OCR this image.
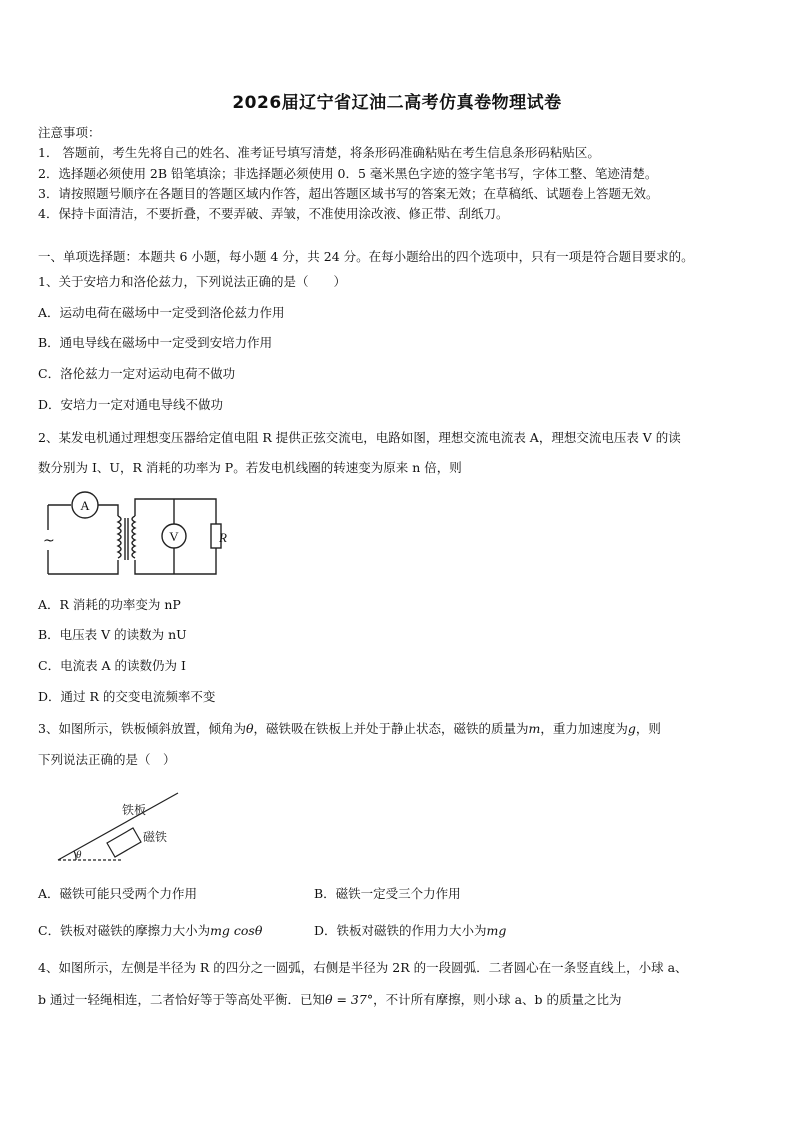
2026届辽宁省辽油二高考仿真卷物理试卷
注意事项：
1． 答题前，考生先将自己的姓名、准考证号填写清楚，将条形码准确粘贴在考生信息条形码粘贴区。
2．选择题必须使用 2B 铅笔填涂；非选择题必须使用 0．5 毫米黑色字迹的签字笔书写，字体工整、笔迹清楚。
3．请按照题号顺序在各题目的答题区域内作答，超出答题区域书写的答案无效；在草稿纸、试题卷上答题无效。
4．保持卡面清洁，不要折叠，不要弄破、弄皱，不准使用涂改液、修正带、刮纸刀。
一、单项选择题：本题共 6 小题，每小题 4 分，共 24 分。在每小题给出的四个选项中，只有一项是符合题目要求的。
1、关于安培力和洛伦兹力，下列说法正确的是（　　）
A．运动电荷在磁场中一定受到洛伦兹力作用
B．通电导线在磁场中一定受到安培力作用
C．洛伦兹力一定对运动电荷不做功
D．安培力一定对通电导线不做功
2、某发电机通过理想变压器给定值电阻 R 提供正弦交流电，电路如图，理想交流电流表 A，理想交流电压表 V 的读
数分别为 I、U，R 消耗的功率为 P。若发电机线圈的转速变为原来 n 倍，则
A
V
~	R
A．R 消耗的功率变为 nP
B．电压表 V 的读数为 nU
C．电流表 A 的读数仍为 I
D．通过 R 的交变电流频率不变
3、如图所示，铁板倾斜放置，倾角为θ，磁铁吸在铁板上并处于静止状态，磁铁的质量为m，重力加速度为g，则
下列说法正确的是（　）
铁板
磁铁
θ
A．磁铁可能只受两个力作用	B．磁铁一定受三个力作用
C．铁板对磁铁的摩擦力大小为mg cosθ	D．铁板对磁铁的作用力大小为mg
4、如图所示，左侧是半径为 R 的四分之一圆弧，右侧是半径为 2R 的一段圆弧．二者圆心在一条竖直线上，小球 a、
b 通过一轻绳相连，二者恰好等于等高处平衡．已知θ = 37°，不计所有摩擦，则小球 a、b 的质量之比为
